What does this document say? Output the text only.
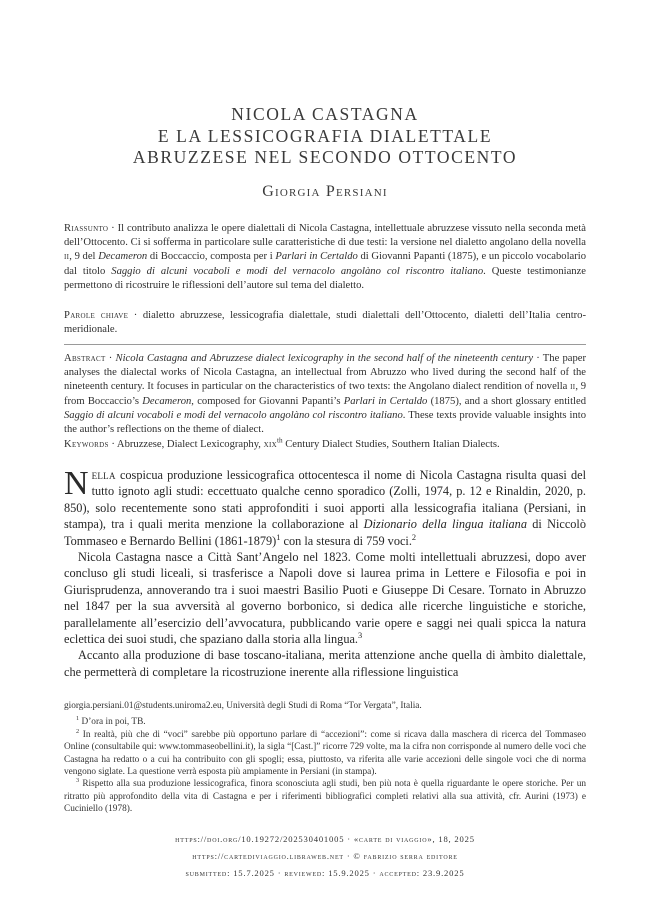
NICOLA CASTAGNA
E LA LESSICOGRAFIA DIALETTALE
ABRUZZESE NEL SECONDO OTTOCENTO
Giorgia Persiani
Riassunto · Il contributo analizza le opere dialettali di Nicola Castagna, intellettuale abruzzese vissuto nella seconda metà dell’Ottocento. Ci si sofferma in particolare sulle caratteristiche di due testi: la versione nel dialetto angolano della novella ii, 9 del Decameron di Boccaccio, composta per i Parlari in Certaldo di Giovanni Papanti (1875), e un piccolo vocabolario dal titolo Saggio di alcuni vocaboli e modi del vernacolo angolàno col riscontro italiano. Queste testimonianze permettono di ricostruire le riflessioni dell’autore sul tema del dialetto.
Parole chiave · dialetto abruzzese, lessicografia dialettale, studi dialettali dell’Ottocento, dialetti dell’Italia centro-meridionale.
Abstract · Nicola Castagna and Abruzzese dialect lexicography in the second half of the nineteenth century · The paper analyses the dialectal works of Nicola Castagna, an intellectual from Abruzzo who lived during the second half of the nineteenth century. It focuses in particular on the characteristics of two texts: the Angolano dialect rendition of novella ii, 9 from Boccaccio’s Decameron, composed for Giovanni Papanti’s Parlari in Certaldo (1875), and a short glossary entitled Saggio di alcuni vocaboli e modi del vernacolo angolàno col riscontro italiano. These texts provide valuable insights into the author’s reflections on the theme of dialect.
Keywords · Abruzzese, Dialect Lexicography, xix$^{th}$ Century Dialect Studies, Southern Italian Dialects.

Nella cospicua produzione lessicografica ottocentesca il nome di Nicola Castagna risulta quasi del tutto ignoto agli studi: eccettuato qualche cenno sporadico (Zolli, 1974, p. 12 e Rinaldin, 2020, p. 850), solo recentemente sono stati approfonditi i suoi apporti alla lessicografia italiana (Persiani, in stampa), tra i quali merita menzione la collaborazione al Dizionario della lingua italiana di Niccolò Tommaseo e Bernardo Bellini (1861-1879)$^1$ con la stesura di 759 voci.$^2$

Nicola Castagna nasce a Città Sant’Angelo nel 1823. Come molti intellettuali abruzzesi, dopo aver concluso gli studi liceali, si trasferisce a Napoli dove si laurea prima in Lettere e Filosofia e poi in Giurisprudenza, annoverando tra i suoi maestri Basilio Puoti e Giuseppe Di Cesare. Tornato in Abruzzo nel 1847 per la sua avversità al governo borbonico, si dedica alle ricerche linguistiche e storiche, parallelamente all’esercizio dell’avvocatura, pubblicando varie opere e saggi nei quali spicca la natura eclettica dei suoi studi, che spaziano dalla storia alla lingua.$^3$

Accanto alla produzione di base toscano-italiana, merita attenzione anche quella di àmbito dialettale, che permetterà di completare la ricostruzione inerente alla riflessione linguistica

giorgia.persiani.01@students.uniroma2.eu, Università degli Studi di Roma “Tor Vergata”, Italia.

$^1$ D’ora in poi, TB.

$^2$ In realtà, più che di “voci” sarebbe più opportuno parlare di “accezioni”: come si ricava dalla maschera di ricerca del Tommaseo Online (consultabile qui: www.tommaseobellini.it), la sigla “[Cast.]” ricorre 729 volte, ma la cifra non corrisponde al numero delle voci che Castagna ha redatto o a cui ha contribuito con gli spogli; essa, piuttosto, va riferita alle varie accezioni delle singole voci che di norma vengono siglate. La questione verrà esposta più ampiamente in Persiani (in stampa).

$^3$ Rispetto alla sua produzione lessicografica, finora sconosciuta agli studi, ben più nota è quella riguardante le opere storiche. Per un ritratto più approfondito della vita di Castagna e per i riferimenti bibliografici completi relativi alla sua attività, cfr. Aurini (1973) e Cuciniello (1978).

https://doi.org/10.19272/202530401005 · «carte di viaggio», 18, 2025
https://cartediviaggio.libraweb.net · © fabrizio serra editore
submitted: 15.7.2025 · reviewed: 15.9.2025 · accepted: 23.9.2025
